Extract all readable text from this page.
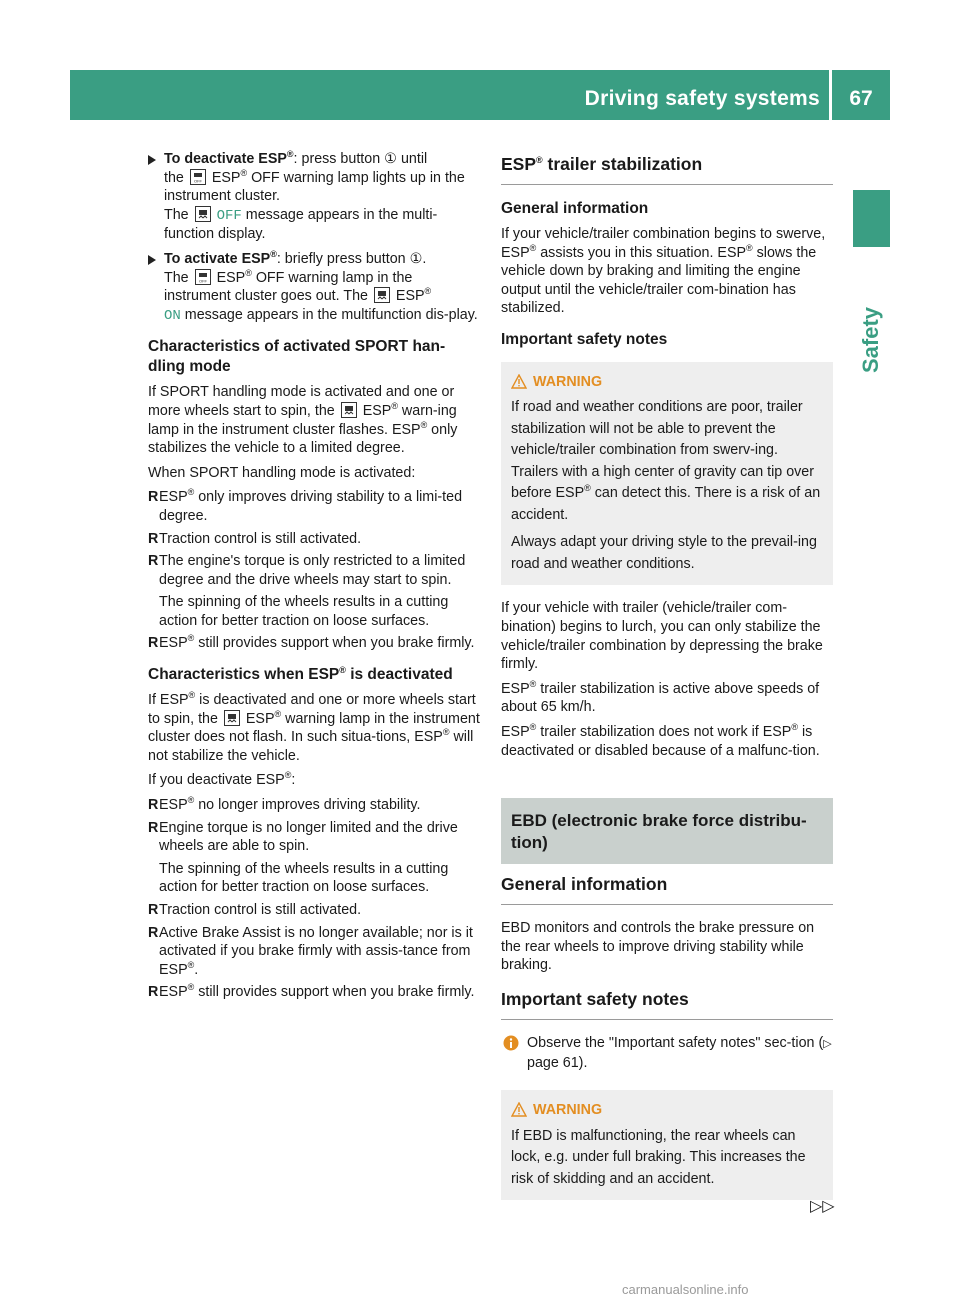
Driving safety systems	67
Safety
To deactivate ESP®: press button ① until
the OFF ESP® OFF warning lamp lights up in the instrument cluster.
The
OFF message appears in the multi-function display.
To activate ESP®: briefly press button ①.
The OFF ESP® OFF warning lamp in the instrument cluster goes out. The
ESP®
ON message appears in the multifunction dis-play.
Characteristics of activated SPORT han-dling mode

If SPORT handling mode is activated and one or more wheels start to spin, the
ESP® warn-ing lamp in the instrument cluster flashes. ESP® only stabilizes the vehicle to a limited degree.

When SPORT handling mode is activated:

R ESP® only improves driving stability to a limi-ted degree.
R Traction control is still activated.
R The engine's torque is only restricted to a limited degree and the drive wheels may start to spin.
The spinning of the wheels results in a cutting action for better traction on loose surfaces.
R ESP® still provides support when you brake firmly.
Characteristics when ESP® is deactivated

If ESP® is deactivated and one or more wheels start to spin, the
ESP® warning lamp in the instrument cluster does not flash. In such situa-tions, ESP® will not stabilize the vehicle.

If you deactivate ESP®:

R ESP® no longer improves driving stability.
R Engine torque is no longer limited and the drive wheels are able to spin.
The spinning of the wheels results in a cutting action for better traction on loose surfaces.
R Traction control is still activated.
R Active Brake Assist is no longer available; nor is it activated if you brake firmly with assis-tance from ESP®.
R ESP® still provides support when you brake firmly.
ESP® trailer stabilization
General information

If your vehicle/trailer combination begins to swerve, ESP® assists you in this situation. ESP® slows the vehicle down by braking and limiting the engine output until the vehicle/trailer com-bination has stabilized.

Important safety notes
WARNING

If road and weather conditions are poor, trailer stabilization will not be able to prevent the vehicle/trailer combination from swerv-ing. Trailers with a high center of gravity can tip over before ESP® can detect this. There is a risk of an accident.

Always adapt your driving style to the prevail-ing road and weather conditions.

If your vehicle with trailer (vehicle/trailer com-bination) begins to lurch, you can only stabilize the vehicle/trailer combination by depressing the brake firmly.

ESP® trailer stabilization is active above speeds of about 65 km/h.

ESP® trailer stabilization does not work if ESP® is deactivated or disabled because of a malfunc-tion.

EBD (electronic brake force distribu-tion)
General information

EBD monitors and controls the brake pressure on the rear wheels to improve driving stability while braking.

Important safety notes
Observe the "Important safety notes" sec-tion (▷ page 61).
WARNING

If EBD is malfunctioning, the rear wheels can lock, e.g. under full braking. This increases the risk of skidding and an accident.

▷▷
carmanualsonline.info
